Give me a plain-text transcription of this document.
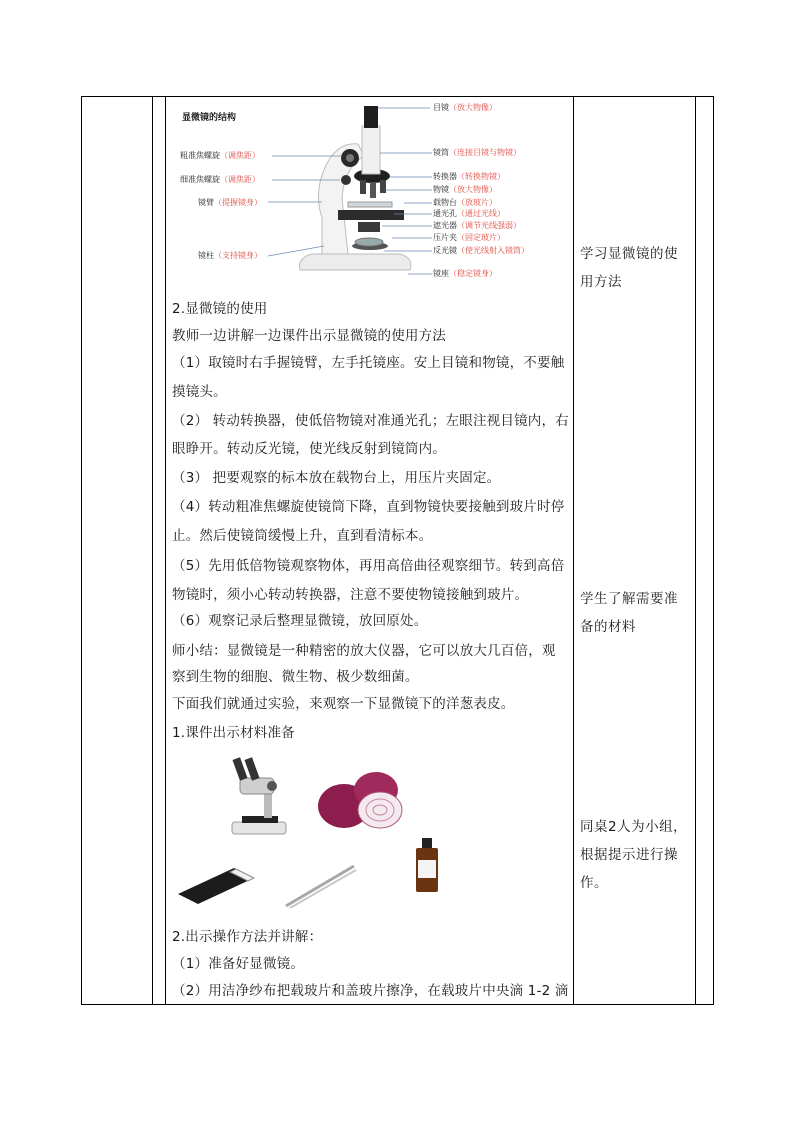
显微镜的结构
粗准焦螺旋（调焦距）
细准焦螺旋（调焦距）
镜臂（提握镜身）
镜柱（支持镜身）
目镜（放大物像）
镜筒（连接目镜与物镜）
转换器（转换物镜）
物镜（放大物像）
载物台（放玻片）
通光孔（通过光线）
遮光器（调节光线强弱）
压片夹（固定玻片）
反光镜（使光线射入镜筒）
镜座（稳定镜身）
2.显微镜的使用
教师一边讲解一边课件出示显微镜的使用方法
（1）取镜时右手握镜臂，左手托镜座。安上目镜和物镜，不要触
摸镜头。
（2） 转动转换器，使低倍物镜对准通光孔；左眼注视目镜内，右
眼睁开。转动反光镜，使光线反射到镜筒内。
（3） 把要观察的标本放在载物台上，用压片夹固定。
（4）转动粗准焦螺旋使镜筒下降，直到物镜快要接触到玻片时停
止。然后使镜筒缓慢上升，直到看清标本。
（5）先用低倍物镜观察物体，再用高倍曲径观察细节。转到高倍
物镜时，须小心转动转换器，注意不要使物镜接触到玻片。
（6）观察记录后整理显微镜，放回原处。
师小结：显微镜是一种精密的放大仪器，它可以放大几百倍，观
察到生物的细胞、微生物、极少数细菌。
下面我们就通过实验，来观察一下显微镜下的洋葱表皮。
1.课件出示材料准备
2.出示操作方法并讲解：
（1）准备好显微镜。
（2）用洁净纱布把载玻片和盖玻片擦净，在载玻片中央滴 1-2 滴
学习显微镜的使
用方法
学生了解需要准
备的材料
同桌2人为小组，
根据提示进行操
作。
